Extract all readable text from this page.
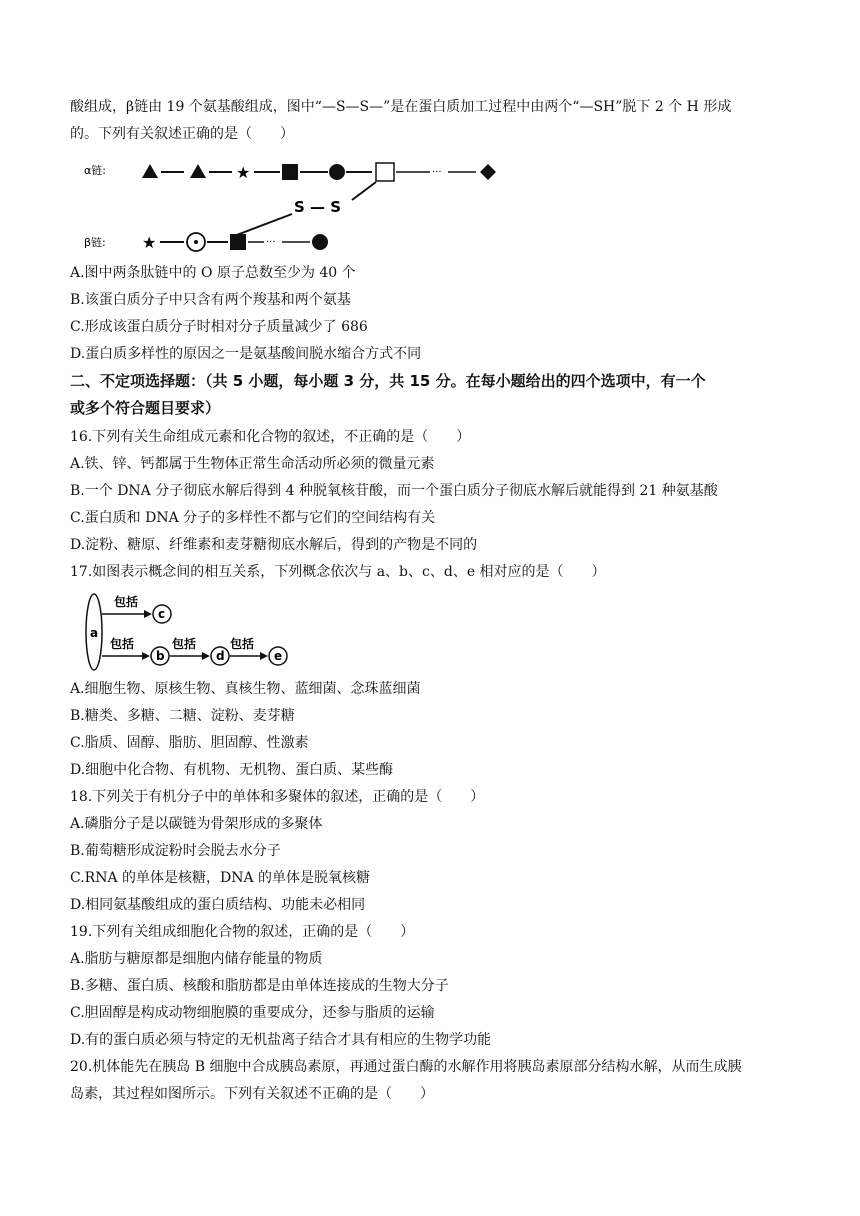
酸组成，β链由 19 个氨基酸组成，图中“—S—S—”是在蛋白质加工过程中由两个“—SH”脱下 2 个 H 形成
的。下列有关叙述正确的是（　　）
α链:	★	···
S — S
β链: ★	···
A.图中两条肽链中的 O 原子总数至少为 40 个
B.该蛋白质分子中只含有两个羧基和两个氨基
C.形成该蛋白质分子时相对分子质量减少了 686
D.蛋白质多样性的原因之一是氨基酸间脱水缩合方式不同
二、不定项选择题：（共 5 小题，每小题 3 分，共 15 分。在每小题给出的四个选项中，有一个
或多个符合题目要求）
16.下列有关生命组成元素和化合物的叙述，不正确的是（　　）
A.铁、锌、钙都属于生物体正常生命活动所必须的微量元素
B.一个 DNA 分子彻底水解后得到 4 种脱氧核苷酸，而一个蛋白质分子彻底水解后就能得到 21 种氨基酸
C.蛋白质和 DNA 分子的多样性不都与它们的空间结构有关
D.淀粉、糖原、纤维素和麦芽糖彻底水解后，得到的产物是不同的
17.如图表示概念间的相互关系，下列概念依次与 a、b、c、d、e 相对应的是（　　）
a
包括
c
包括
b
包括
d
包括
e
A.细胞生物、原核生物、真核生物、蓝细菌、念珠蓝细菌
B.糖类、多糖、二糖、淀粉、麦芽糖
C.脂质、固醇、脂肪、胆固醇、性激素
D.细胞中化合物、有机物、无机物、蛋白质、某些酶
18.下列关于有机分子中的单体和多聚体的叙述，正确的是（　　）
A.磷脂分子是以碳链为骨架形成的多聚体
B.葡萄糖形成淀粉时会脱去水分子
C.RNA 的单体是核糖，DNA 的单体是脱氧核糖
D.相同氨基酸组成的蛋白质结构、功能未必相同
19.下列有关组成细胞化合物的叙述，正确的是（　　）
A.脂肪与糖原都是细胞内储存能量的物质
B.多糖、蛋白质、核酸和脂肪都是由单体连接成的生物大分子
C.胆固醇是构成动物细胞膜的重要成分，还参与脂质的运输
D.有的蛋白质必须与特定的无机盐离子结合才具有相应的生物学功能
20.机体能先在胰岛 B 细胞中合成胰岛素原，再通过蛋白酶的水解作用将胰岛素原部分结构水解，从而生成胰
岛素，其过程如图所示。下列有关叙述不正确的是（　　）
